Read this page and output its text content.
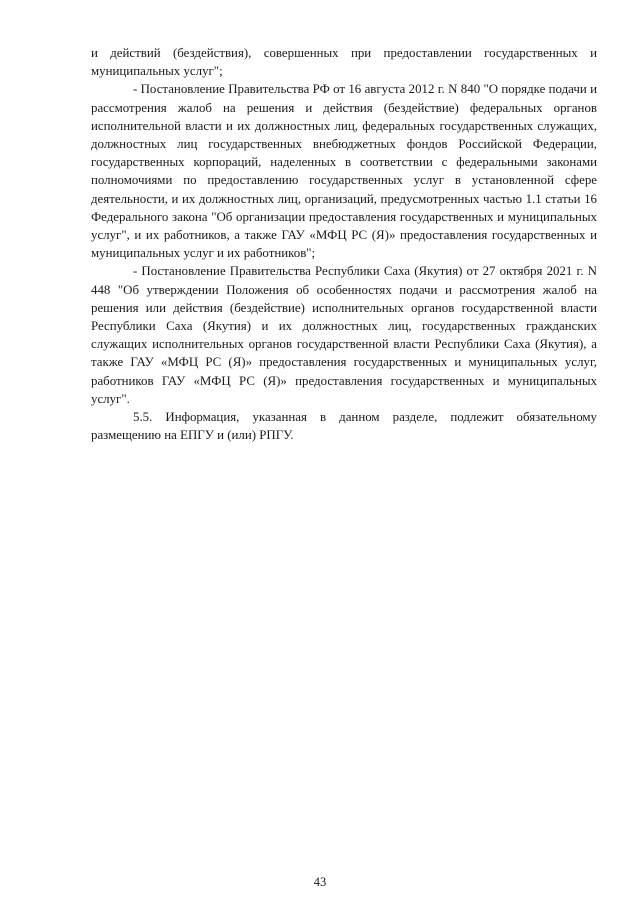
и действий (бездействия), совершенных при предоставлении государственных и муниципальных услуг";

- Постановление Правительства РФ от 16 августа 2012 г. N 840 "О порядке подачи и рассмотрения жалоб на решения и действия (бездействие) федеральных органов исполнительной власти и их должностных лиц, федеральных государственных служащих, должностных лиц государственных внебюджетных фондов Российской Федерации, государственных корпораций, наделенных в соответствии с федеральными законами полномочиями по предоставлению государственных услуг в установленной сфере деятельности, и их должностных лиц, организаций, предусмотренных частью 1.1 статьи 16 Федерального закона "Об организации предоставления государственных и муниципальных услуг", и их работников, а также ГАУ «МФЦ РС (Я)» предоставления государственных и муниципальных услуг и их работников";

- Постановление Правительства Республики Саха (Якутия) от 27 октября 2021 г. N 448 "Об утверждении Положения об особенностях подачи и рассмотрения жалоб на решения или действия (бездействие) исполнительных органов государственной власти Республики Саха (Якутия) и их должностных лиц, государственных гражданских служащих исполнительных органов государственной власти Республики Саха (Якутия), а также ГАУ «МФЦ РС (Я)» предоставления государственных и муниципальных услуг, работников ГАУ «МФЦ РС (Я)» предоставления государственных и муниципальных услуг".

5.5. Информация, указанная в данном разделе, подлежит обязательному размещению на ЕПГУ и (или) РПГУ.

43
